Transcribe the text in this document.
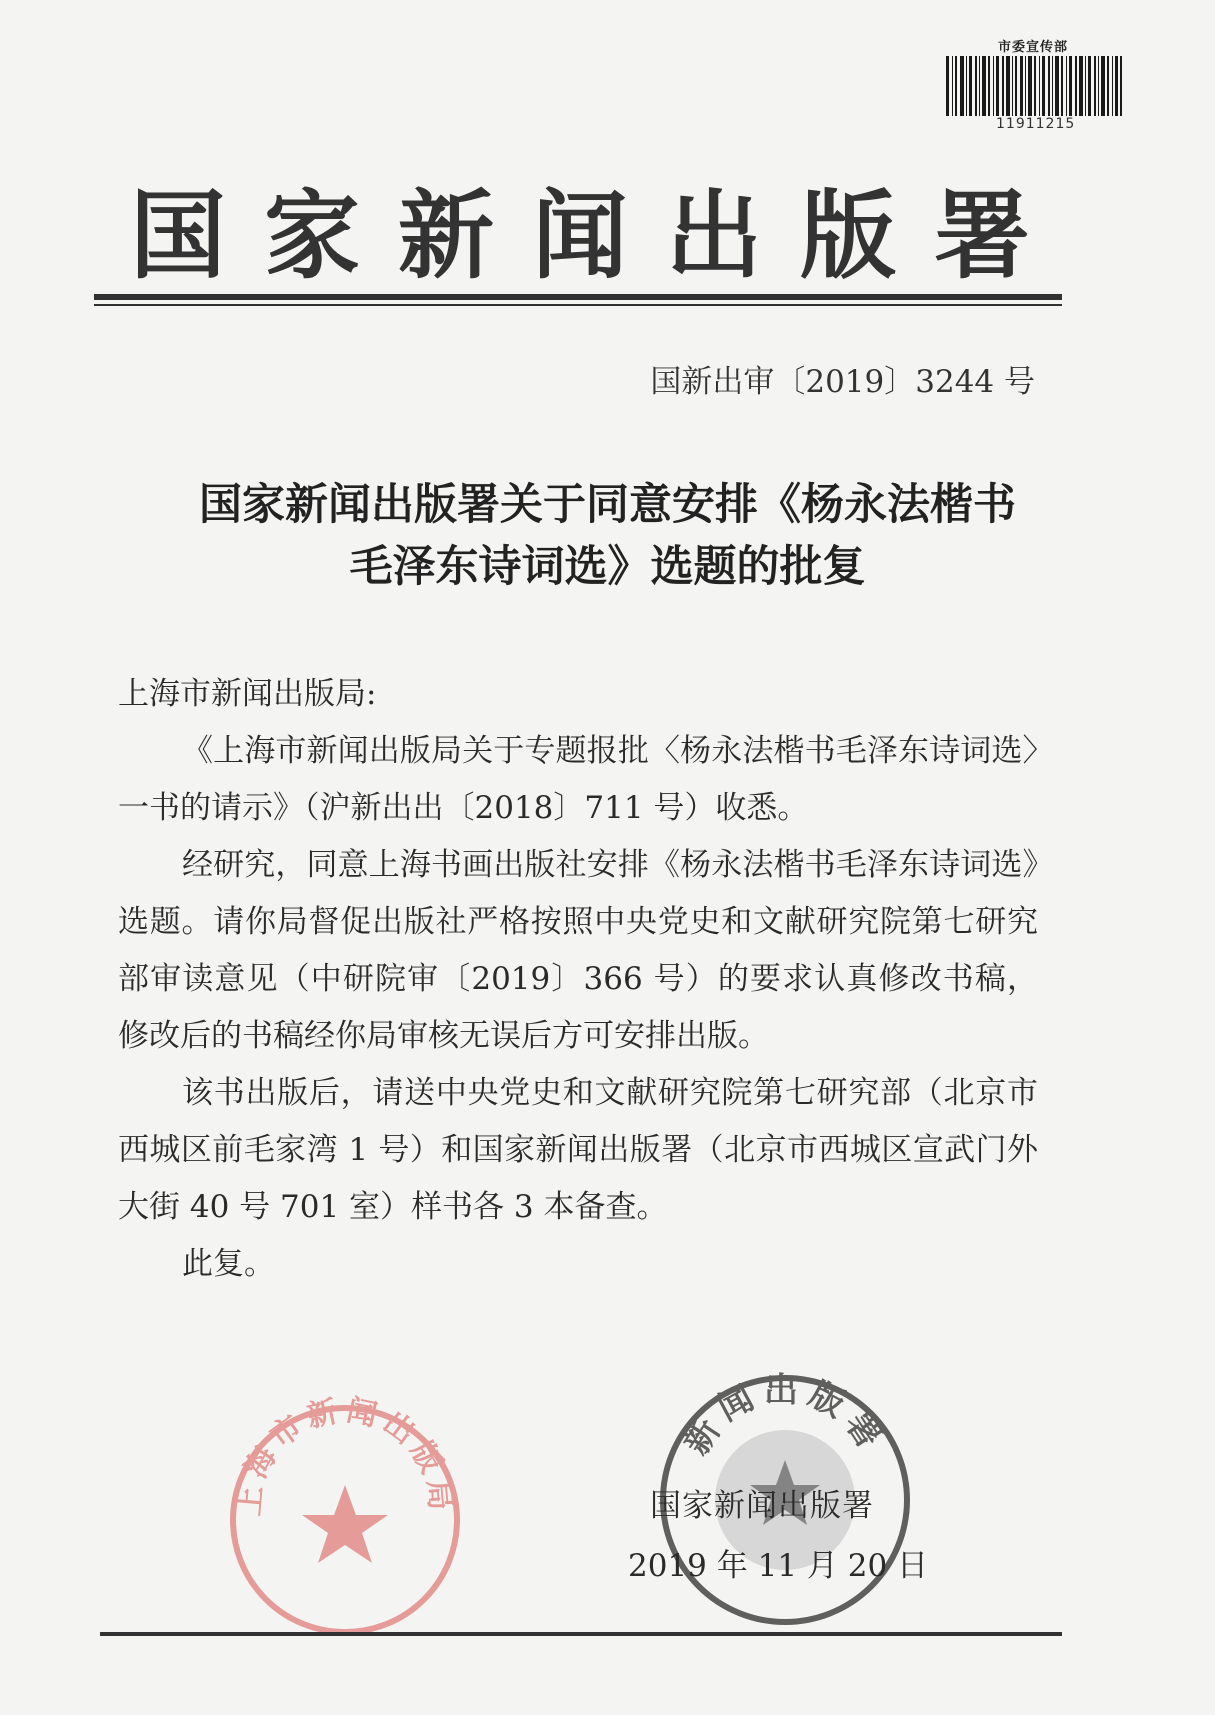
市委宣传部
11911215
国家新闻出版署
国新出审〔2019〕3244 号
国家新闻出版署关于同意安排《杨永法楷书
毛泽东诗词选》选题的批复

上海市新闻出版局:

《上海市新闻出版局关于专题报批〈杨永法楷书毛泽东诗词选〉一书的请示》（沪新出出〔2018〕711 号）收悉。

经研究，同意上海书画出版社安排《杨永法楷书毛泽东诗词选》选题。请你局督促出版社严格按照中央党史和文献研究院第七研究部审读意见（中研院审〔2019〕366 号）的要求认真修改书稿，修改后的书稿经你局审核无误后方可安排出版。

该书出版后，请送中央党史和文献研究院第七研究部（北京市西城区前毛家湾 1 号）和国家新闻出版署（北京市西城区宣武门外大街 40 号 701 室）样书各 3 本备查。

此复。

上海市新闻出版局
新闻出版署
国家新闻出版署
2019 年 11 月 20 日
